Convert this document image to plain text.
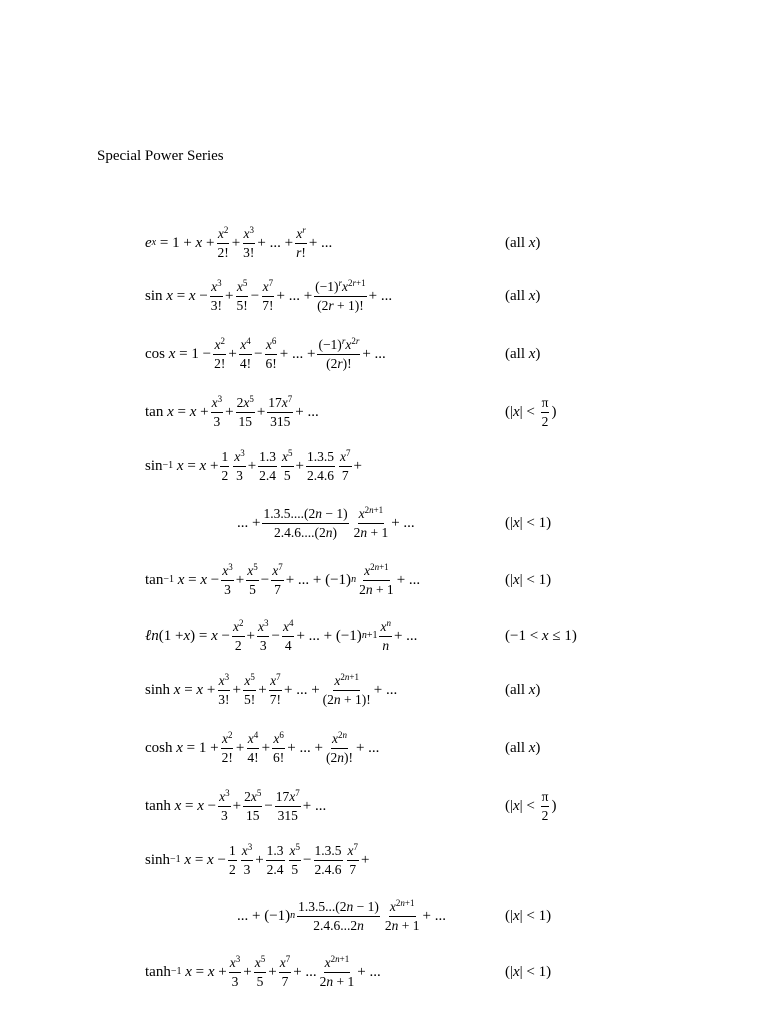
Special Power Series
e $x = 1 + x + \frac{x^2}{2!} + \frac{x^3}{3!}$ + ... + $\frac{x^r}{r!}$ + ...	(all x )
$\sin x = x - \frac{x^3}{3!} + \frac{x^5}{5!} - \frac{x^7}{7!}$ + ... + $\frac{(-1)^rx^{2r+1}}{(2r + 1)!}$ + ...	(all x )
$\cos x = 1 - \frac{x^2}{2!} + \frac{x^4}{4!} - \frac{x^6}{6!}$ + ... + $\frac{(-1)^rx^{2r}}{(2r)!}$ + ...	(all x )
$\tan x = x + \frac{x^3}{3} + \frac{2x^5}{15} + \frac{17x^7}{315}$ + ...	(| x | < $\frac{\pi}{2}$ )
sin −1 $x = x + \frac{1}{2} \frac{x^3}{3} + \frac{1.3}{2.4} \frac{x^5}{5} + \frac{1.3.5}{2.4.6} \frac{x^7}{7}$ +
... + $\frac{1.3.5....(2n - 1)}{2.4.6....(2n)} \frac{x^{2n+1}}{2n + 1}$ + ...	(| x | < 1)
tan −1 $x = x - \frac{x^3}{3} + \frac{x^5}{5} - \frac{x^7}{7}$ + ... + (−1) n $\frac{x^{2n+1}}{2n + 1}$ + ...	(| x | < 1)
ℓn (1 + x ) = $x - \frac{x^2}{2} + \frac{x^3}{3} - \frac{x^4}{4}$ + ... + (−1) $n+1 \frac{x^n}{n}$ + ...	(−1 < x ≤ 1)
$\sinh x = x + \frac{x^3}{3!} + \frac{x^5}{5!} + \frac{x^7}{7!}$ + ... + $\frac{x^{2n+1}}{(2n + 1)!}$ + ...	(all x )
$\cosh x = 1 + \frac{x^2}{2!} + \frac{x^4}{4!} + \frac{x^6}{6!}$ + ... + $\frac{x^{2n}}{(2n)!}$ + ...	(all x )
$\tanh x = x - \frac{x^3}{3} + \frac{2x^5}{15} - \frac{17x^7}{315}$ + ...	(| x | < $\frac{\pi}{2}$ )
sinh −1 $x = x - \frac{1}{2} \frac{x^3}{3} + \frac{1.3}{2.4} \frac{x^5}{5} - \frac{1.3.5}{2.4.6} \frac{x^7}{7}$ +
... + (−1) n $\frac{1.3.5...(2n - 1)}{2.4.6...2n} \frac{x^{2n+1}}{2n + 1}$ + ...	(| x | < 1)
tanh −1 $x = x + \frac{x^3}{3} + \frac{x^5}{5} + \frac{x^7}{7}$ + ... $\frac{x^{2n+1}}{2n + 1}$ + ...	(| x | < 1)
